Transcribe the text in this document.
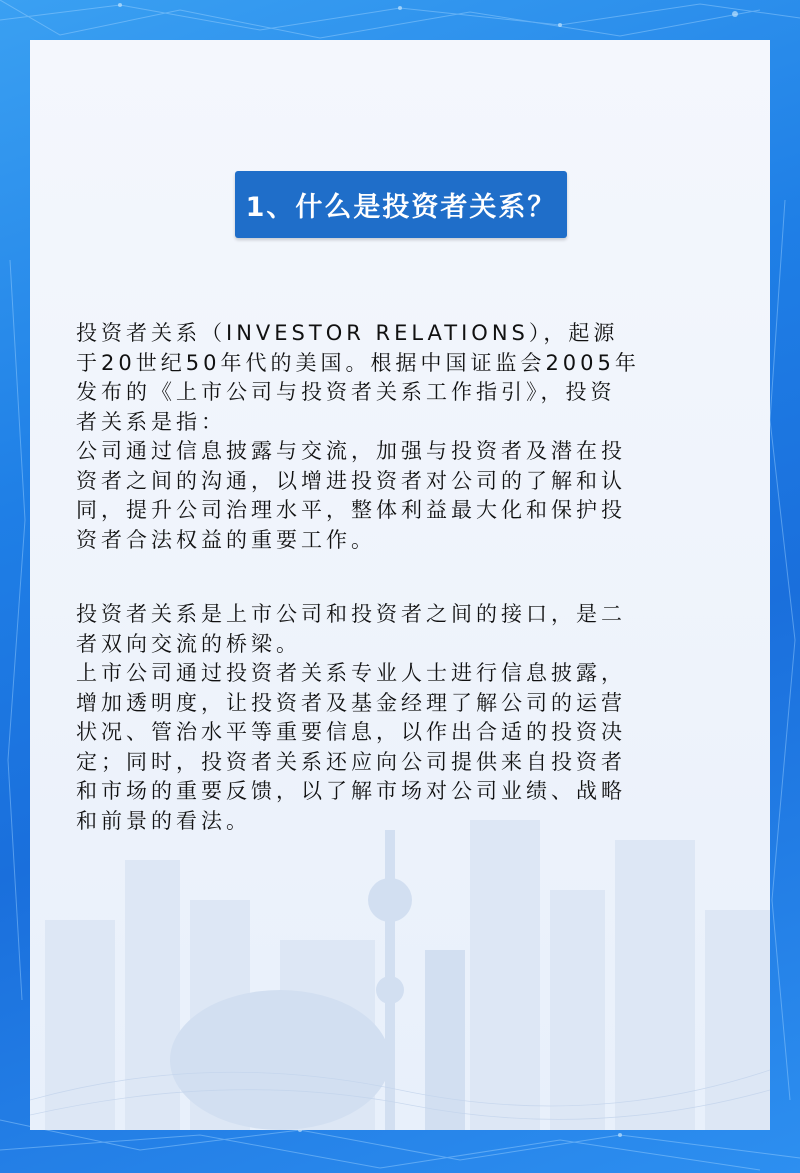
1、什么是投资者关系？
投资者关系（INVESTOR RELATIONS），起源
于20世纪50年代的美国。根据中国证监会2005年
发布的《上市公司与投资者关系工作指引》，投资
者关系是指：
公司通过信息披露与交流，加强与投资者及潜在投
资者之间的沟通，以增进投资者对公司的了解和认
同，提升公司治理水平，整体利益最大化和保护投
资者合法权益的重要工作。
投资者关系是上市公司和投资者之间的接口，是二
者双向交流的桥梁。
上市公司通过投资者关系专业人士进行信息披露，
增加透明度，让投资者及基金经理了解公司的运营
状况、管治水平等重要信息，以作出合适的投资决
定；同时，投资者关系还应向公司提供来自投资者
和市场的重要反馈，以了解市场对公司业绩、战略
和前景的看法。
